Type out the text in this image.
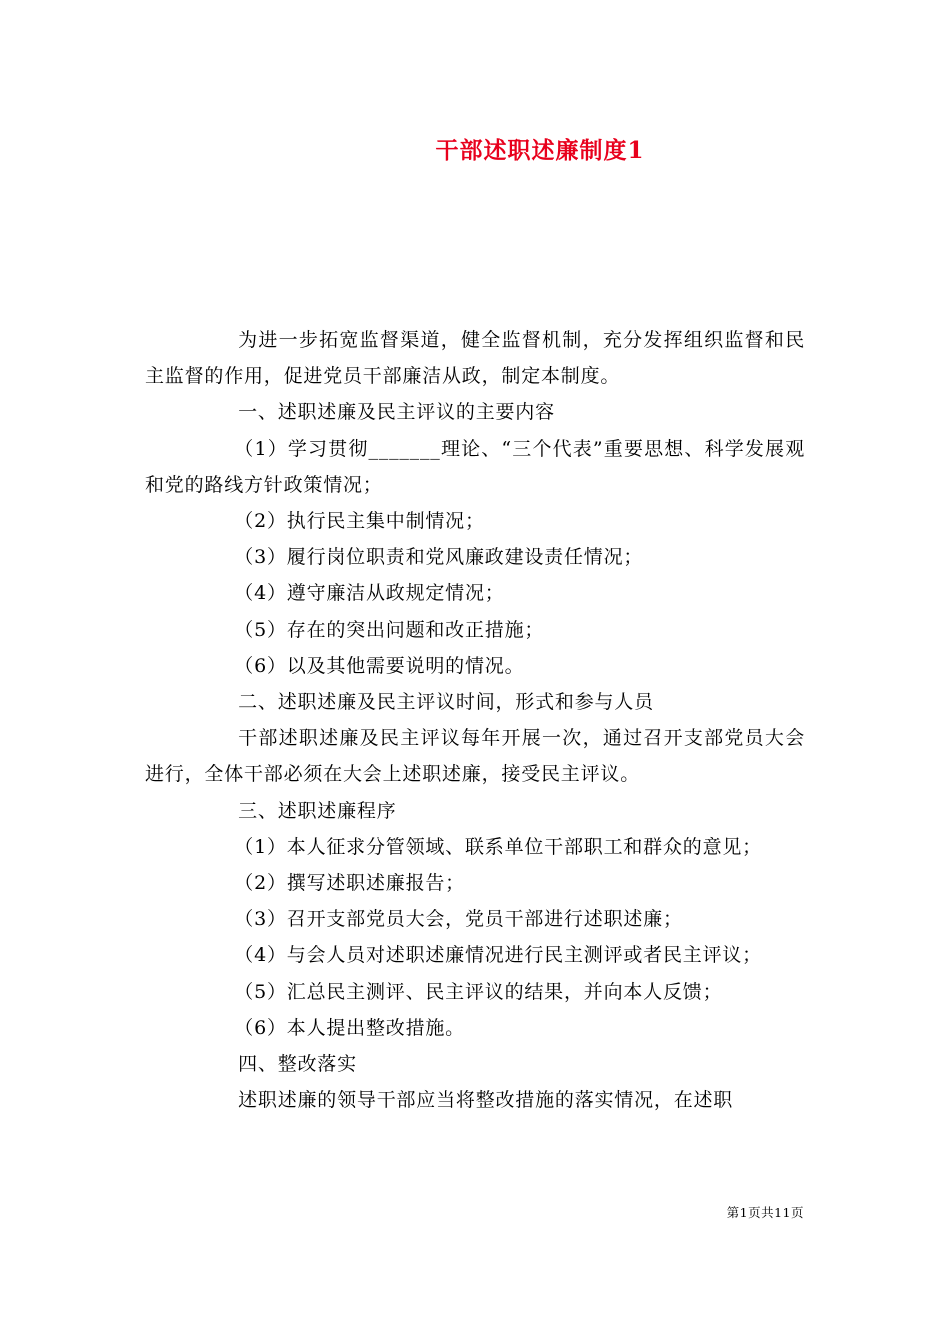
干部述职述廉制度1

为进一步拓宽监督渠道，健全监督机制，充分发挥组织监督和民主监督的作用，促进党员干部廉洁从政，制定本制度。

一、述职述廉及民主评议的主要内容

（1）学习贯彻_______理论、“三个代表”重要思想、科学发展观和党的路线方针政策情况；

（2）执行民主集中制情况；

（3）履行岗位职责和党风廉政建设责任情况；

（4）遵守廉洁从政规定情况；

（5）存在的突出问题和改正措施；

（6）以及其他需要说明的情况。

二、述职述廉及民主评议时间，形式和参与人员

干部述职述廉及民主评议每年开展一次，通过召开支部党员大会进行，全体干部必须在大会上述职述廉，接受民主评议。

三、述职述廉程序

（1）本人征求分管领域、联系单位干部职工和群众的意见；

（2）撰写述职述廉报告；

（3）召开支部党员大会，党员干部进行述职述廉；

（4）与会人员对述职述廉情况进行民主测评或者民主评议；

（5）汇总民主测评、民主评议的结果，并向本人反馈；

（6）本人提出整改措施。

四、整改落实

述职述廉的领导干部应当将整改措施的落实情况，在述职

第1页共11页
